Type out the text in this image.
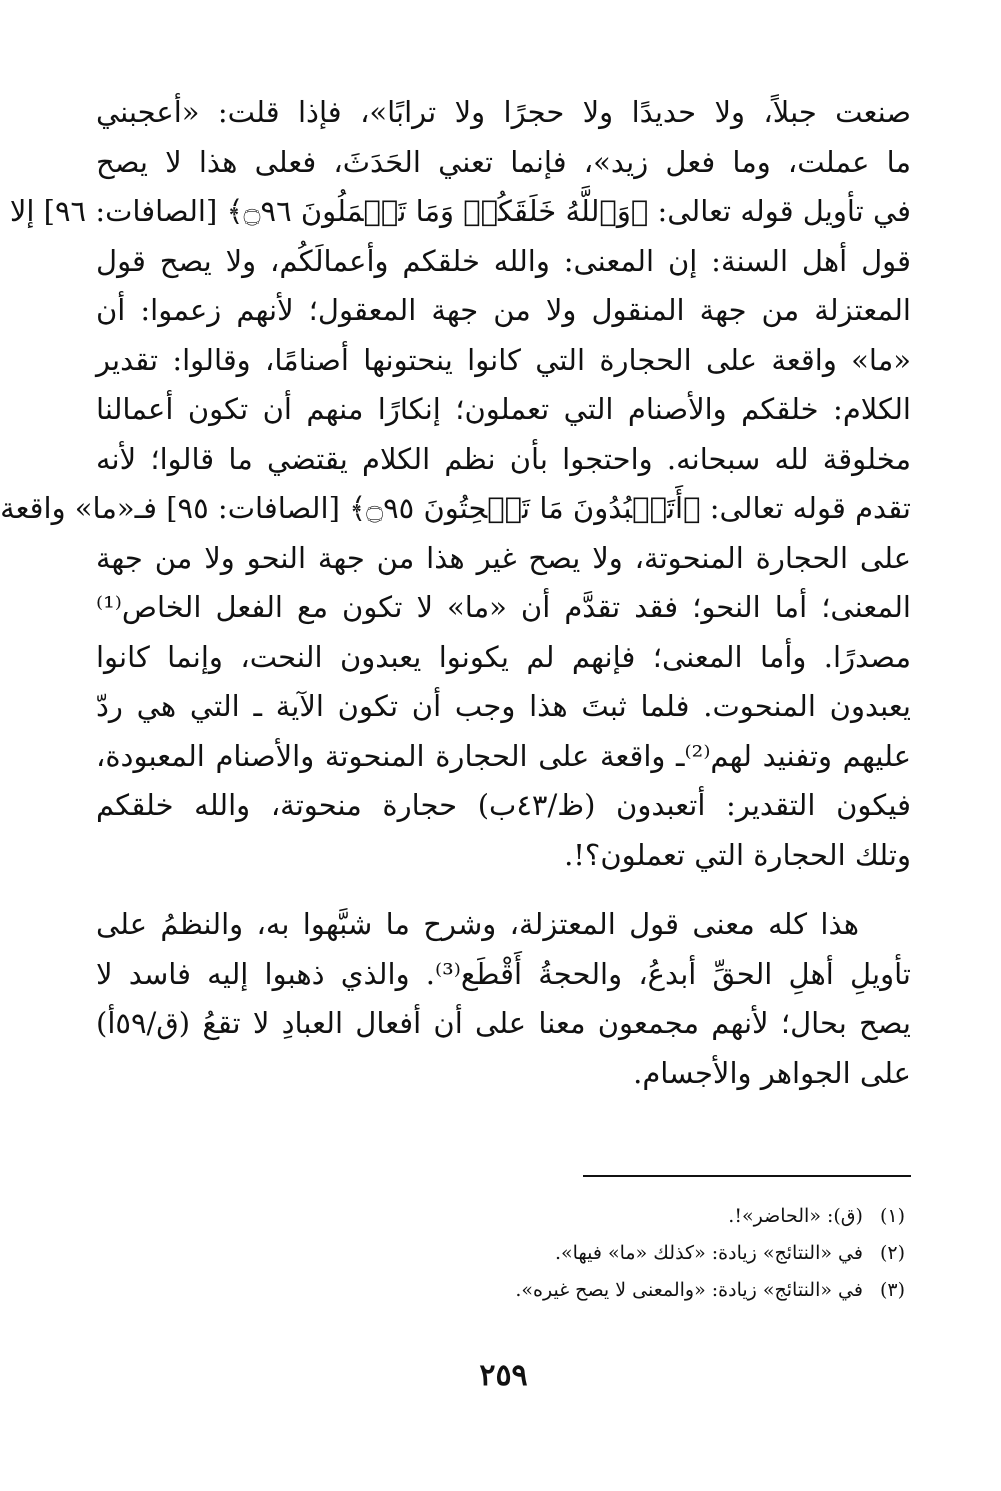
صنعت جبلاً، ولا حديدًا ولا حجرًا ولا ترابًا»، فإذا قلت: «أعجبني
ما عملت، وما فعل زيد»، فإنما تعني الحَدَثَ، فعلى هذا لا يصح
في تأويل قوله تعالى: ﴿وَٱللَّهُ خَلَقَكُمۡ وَمَا تَعۡمَلُونَ ۝٩٦﴾ [الصافات: ٩٦] إلا
قول أهل السنة: إن المعنى: والله خلقكم وأعمالَكُم، ولا يصح قول
المعتزلة من جهة المنقول ولا من جهة المعقول؛ لأنهم زعموا: أن
«ما» واقعة على الحجارة التي كانوا ينحتونها أصنامًا، وقالوا: تقدير
الكلام: خلقكم والأصنام التي تعملون؛ إنكارًا منهم أن تكون أعمالنا
مخلوقة لله سبحانه. واحتجوا بأن نظم الكلام يقتضي ما قالوا؛ لأنه
تقدم قوله تعالى: ﴿أَتَعۡبُدُونَ مَا تَنۡحِتُونَ ۝٩٥﴾ [الصافات: ٩٥] فـ«ما» واقعة
على الحجارة المنحوتة، ولا يصح غير هذا من جهة النحو ولا من جهة
المعنى؛ أما النحو؛ فقد تقدَّم أن «ما» لا تكون مع الفعل الخاص⁽¹⁾
مصدرًا. وأما المعنى؛ فإنهم لم يكونوا يعبدون النحت، وإنما كانوا
يعبدون المنحوت. فلما ثبتَ هذا وجب أن تكون الآية ـ التي هي ردّ
عليهم وتفنيد لهم⁽²⁾ـ واقعة على الحجارة المنحوتة والأصنام المعبودة،
فيكون التقدير: أتعبدون (ظ/٤٣ب) حجارة منحوتة، والله خلقكم
وتلك الحجارة التي تعملون؟!.
هذا كله معنى قول المعتزلة، وشرح ما شبَّهوا به، والنظمُ على
تأويلِ أهلِ الحقِّ أبدعُ، والحجةُ أَقْطَع⁽³⁾. والذي ذهبوا إليه فاسد لا
يصح بحال؛ لأنهم مجمعون معنا على أن أفعال العبادِ لا تقعُ (ق/٥٩أ)
على الجواهر والأجسام.
(١) (ق): «الحاضر»!.
(٢) في «النتائج» زيادة: «كذلك «ما» فيها».
(٣) في «النتائج» زيادة: «والمعنى لا يصح غيره».
٢٥٩
